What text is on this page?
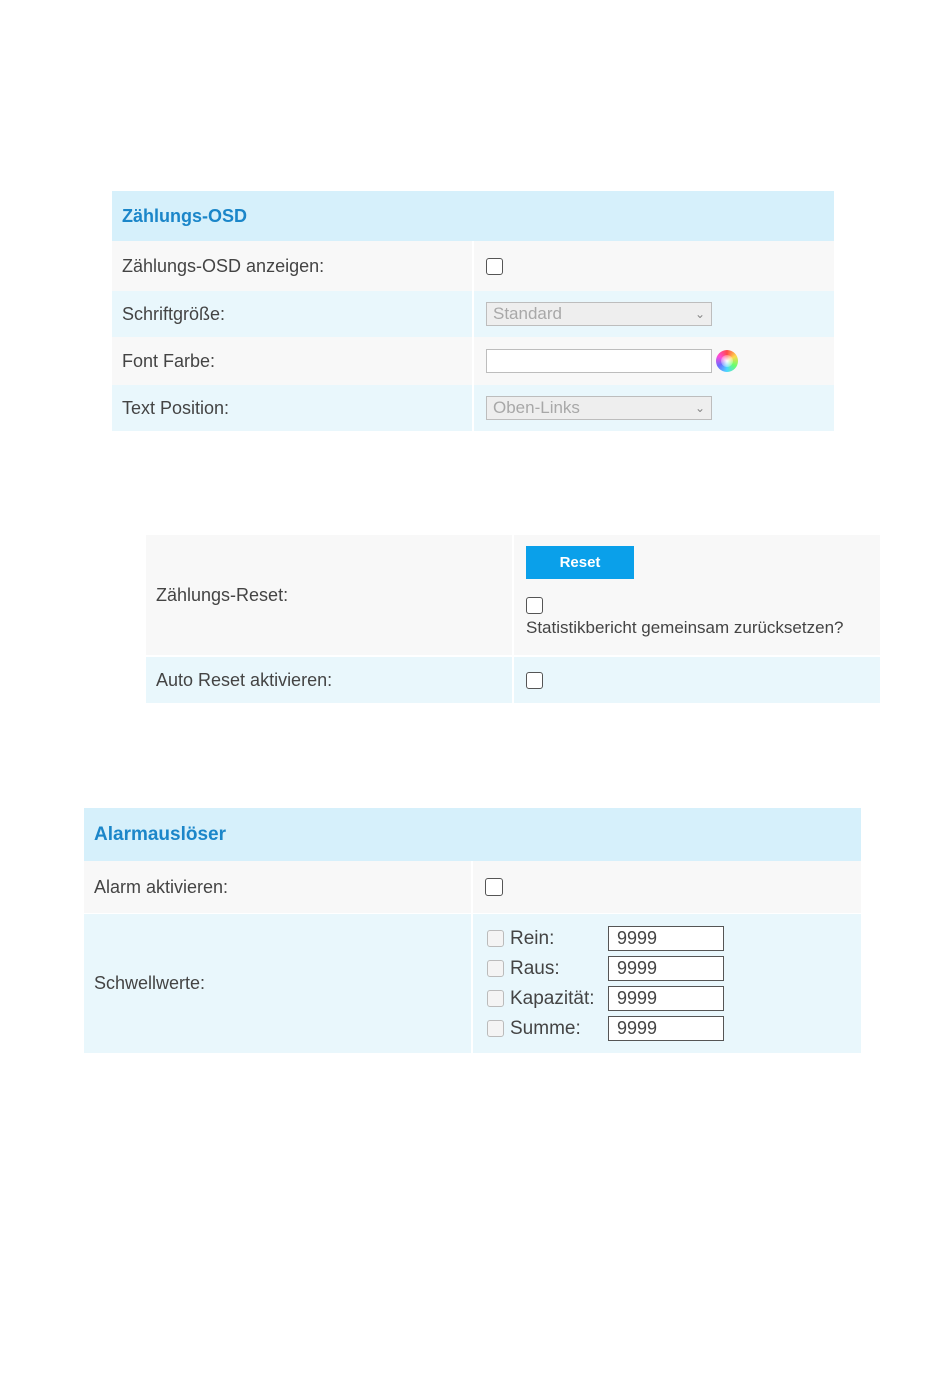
Zählungs-OSD
Zählungs-OSD anzeigen:
Schriftgröße:	Standard	⌄
Font Farbe:
Text Position:	Oben-Links	⌄
Zählungs-Reset:
Reset
Statistikbericht gemeinsam zurücksetzen?
Auto Reset aktivieren:
Alarmauslöser
Alarm aktivieren:
Schwellwerte:
Rein:	9999
Raus:	9999
Kapazität:	9999
Summe:	9999
